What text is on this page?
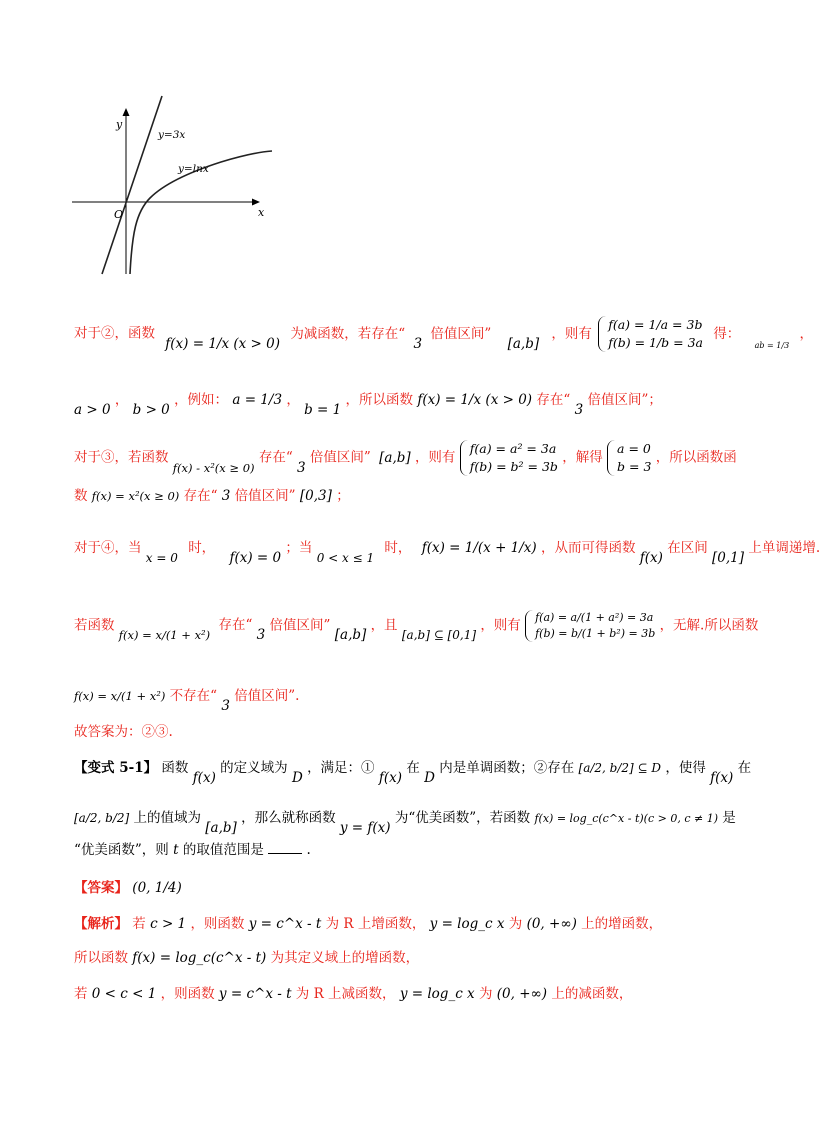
y
x
O
y=3x
y=lnx
对于②，函数 f(x) = 1/x (x > 0) 为减函数，若存在“ 3 倍值区间” [a,b] ，则有
f(a) = 1/a = 3b
f(b) = 1/b = 3a
得： $_{ab = 1/3}$ ，
a > 0 ， b > 0 ，例如： a = 1/3 ， b = 1 ，所以函数 f(x) = 1/x (x > 0) 存在“ 3 倍值区间”；
对于③，若函数 f(x) - x²(x ≥ 0) 存在“ 3 倍值区间” [a,b] ，则有
f(a) = a² = 3a
f(b) = b² = 3b
，解得
a = 0
b = 3
，所以函数函
数 f(x) = x²(x ≥ 0) 存在“ 3 倍值区间” [0,3] ；
对于④，当 x = 0 时， f(x) = 0 ；当 0 < x ≤ 1 时， f(x) = 1/(x + 1/x) ，从而可得函数 f(x) 在区间 [0,1] 上单调递增.
若函数 f(x) = x/(1 + x²) 存在“ 3 倍值区间” [a,b] ，且 [a,b] ⊆ [0,1] ，则有 f(a) = a/(1 + a²) = 3a
f(b) = b/(1 + b²) = 3b ，无解.所以函数
f(x) = x/(1 + x²) 不存在“ 3 倍值区间”.
故答案为：②③.
【变式 5-1】 函数 f(x) 的定义域为 D ，满足：① f(x) 在 D 内是单调函数；②存在 [a/2, b/2] ⊆ D ，使得 f(x) 在
[a/2, b/2] 上的值域为 [a,b] ，那么就称函数 y = f(x) 为“优美函数”，若函数 f(x) = log_c(c^x - t)(c > 0, c ≠ 1) 是
“优美函数”，则 t 的取值范围是	.
【答案】 (0, 1/4)
【解析】 若 c > 1 ，则函数 y = c^x - t 为 R 上增函数， y = log_c x 为 (0, +∞) 上的增函数，
所以函数 f(x) = log_c(c^x - t) 为其定义域上的增函数，
若 0 < c < 1 ，则函数 y = c^x - t 为 R 上减函数， y = log_c x 为 (0, +∞) 上的减函数，
